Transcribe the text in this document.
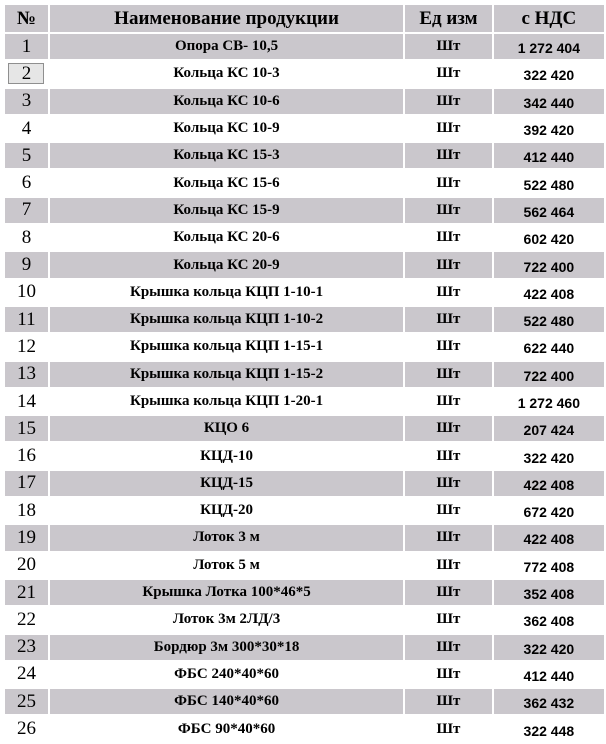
№	Наименование продукции	Ед изм	с НДС
1	Опора СВ- 10,5	Шт	1 272 404
2	Кольца КС 10-3	Шт	322 420
3	Кольца КС 10-6	Шт	342 440
4	Кольца КС 10-9	Шт	392 420
5	Кольца КС 15-3	Шт	412 440
6	Кольца КС 15-6	Шт	522 480
7	Кольца КС 15-9	Шт	562 464
8	Кольца КС 20-6	Шт	602 420
9	Кольца КС 20-9	Шт	722 400
10	Крышка кольца КЦП 1-10-1	Шт	422 408
11	Крышка кольца КЦП 1-10-2	Шт	522 480
12	Крышка кольца КЦП 1-15-1	Шт	622 440
13	Крышка кольца КЦП 1-15-2	Шт	722 400
14	Крышка кольца КЦП 1-20-1	Шт	1 272 460
15	КЦО 6	Шт	207 424
16	КЦД-10	Шт	322 420
17	КЦД-15	Шт	422 408
18	КЦД-20	Шт	672 420
19	Лоток 3 м	Шт	422 408
20	Лоток 5 м	Шт	772 408
21	Крышка Лотка 100*46*5	Шт	352 408
22	Лоток 3м 2ЛД/3	Шт	362 408
23	Бордюр 3м 300*30*18	Шт	322 420
24	ФБС 240*40*60	Шт	412 440
25	ФБС 140*40*60	Шт	362 432
26	ФБС 90*40*60	Шт	322 448
